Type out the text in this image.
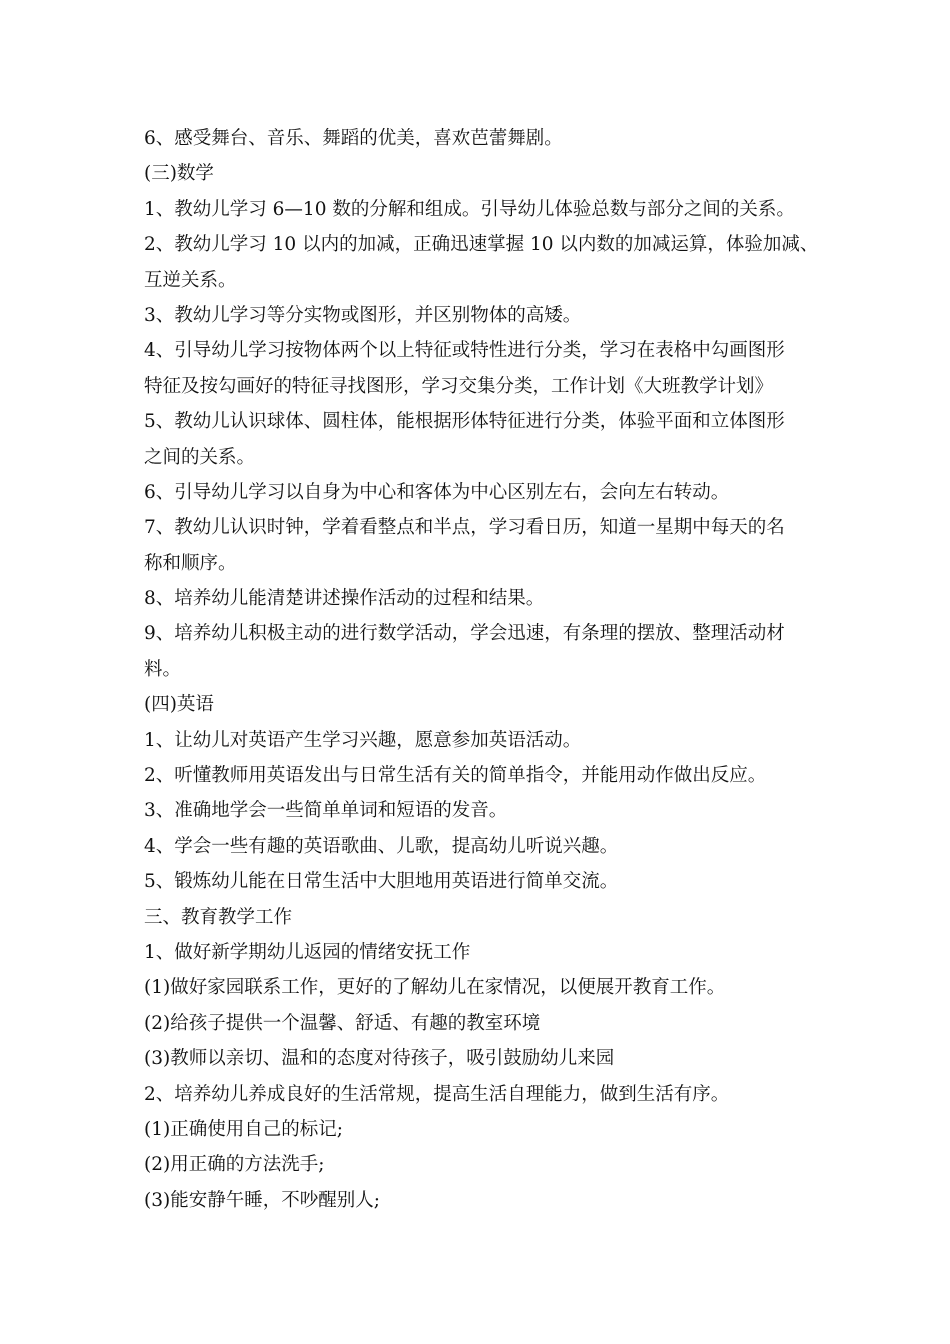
6、感受舞台、音乐、舞蹈的优美，喜欢芭蕾舞剧。

(三)数学

1、教幼儿学习 6—10 数的分解和组成。引导幼儿体验总数与部分之间的关系。

2、教幼儿学习 10 以内的加减，正确迅速掌握 10 以内数的加减运算，体验加减、

互逆关系。

3、教幼儿学习等分实物或图形，并区别物体的高矮。

4、引导幼儿学习按物体两个以上特征或特性进行分类，学习在表格中勾画图形

特征及按勾画好的特征寻找图形，学习交集分类，工作计划《大班教学计划》

5、教幼儿认识球体、圆柱体，能根据形体特征进行分类，体验平面和立体图形

之间的关系。

6、引导幼儿学习以自身为中心和客体为中心区别左右，会向左右转动。

7、教幼儿认识时钟，学着看整点和半点，学习看日历，知道一星期中每天的名

称和顺序。

8、培养幼儿能清楚讲述操作活动的过程和结果。

9、培养幼儿积极主动的进行数学活动，学会迅速，有条理的摆放、整理活动材

料。

(四)英语

1、让幼儿对英语产生学习兴趣，愿意参加英语活动。

2、听懂教师用英语发出与日常生活有关的简单指令，并能用动作做出反应。

3、准确地学会一些简单单词和短语的发音。

4、学会一些有趣的英语歌曲、儿歌，提高幼儿听说兴趣。

5、锻炼幼儿能在日常生活中大胆地用英语进行简单交流。

三、教育教学工作

1、做好新学期幼儿返园的情绪安抚工作

(1)做好家园联系工作，更好的了解幼儿在家情况，以便展开教育工作。

(2)给孩子提供一个温馨、舒适、有趣的教室环境

(3)教师以亲切、温和的态度对待孩子，吸引鼓励幼儿来园

2、培养幼儿养成良好的生活常规，提高生活自理能力，做到生活有序。

(1)正确使用自己的标记;

(2)用正确的方法洗手;

(3)能安静午睡，不吵醒别人;
